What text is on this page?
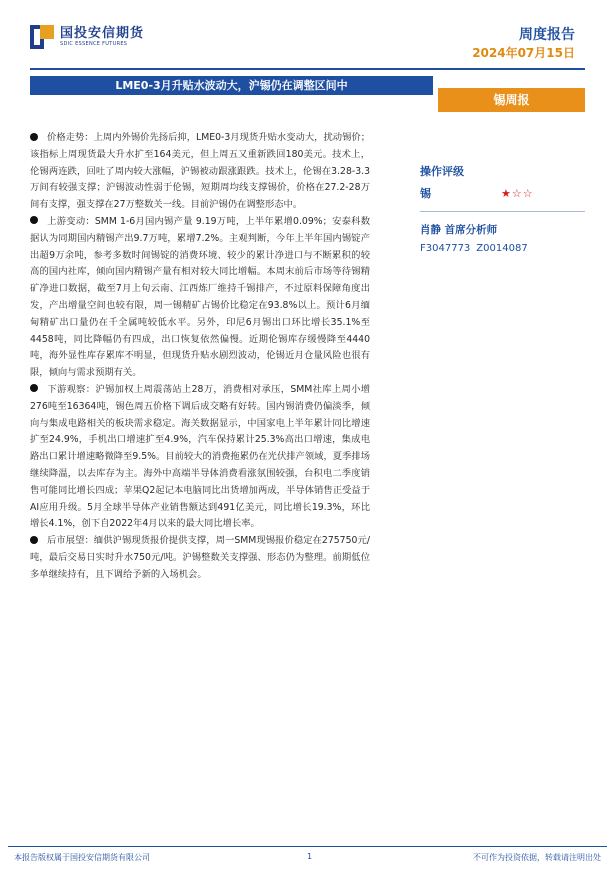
国投安信期货
SDIC ESSENCE FUTURES
周度报告
2024年07月15日
LME0-3月升贴水波动大，沪锡仍在调整区间中
锡周报

价格走势：上周内外锡价先扬后抑，LME0-3月现货升贴水变动大，扰动锡价；该指标上周现货最大升水扩至164美元，但上周五又重新跌回180美元。技术上，伦锡两连跌，回吐了周内较大涨幅，沪锡被动跟涨跟跌。技术上，伦锡在3.28-3.3万间有较强支撑；沪锡波动性弱于伦锡，短期周均线支撑锡价，价格在27.2-28万间有支撑，强支撑在27万整数关一线。目前沪锡仍在调整形态中。

上游变动：SMM 1-6月国内锡产量 9.19万吨，上半年累增0.09%；安泰科数据认为同期国内精锡产出9.7万吨，累增7.2%。主观判断，今年上半年国内锡锭产出超9万余吨，参考多数时间锡锭的消费环境、较少的累计净进口与不断累积的较高的国内社库，倾向国内精锡产量有相对较大同比增幅。本周末前后市场等待锡精矿净进口数据，截至7月上旬云南、江西炼厂维持千锡排产，不过原料保障角度出发，产出增量空间也较有限，周一锡精矿占锡价比稳定在93.8%以上。预计6月缅甸精矿出口量仍在千全属吨较低水平。另外，印尼6月锡出口环比增长35.1%至4458吨，同比降幅仍有四成，出口恢复依然偏慢。近期伦锡库存缓慢降至4440吨，海外显性库存累库不明显，但现货升贴水剧烈波动，伦锡近月仓量风险也很有限，倾向与需求预期有关。

下游观察：沪锡加权上周震荡站上28万，消费相对承压，SMM社库上周小增276吨至16364吨，锡色周五价格下调后成交略有好转。国内锡消费仍偏淡季，倾向与集成电路相关的板块需求稳定。海关数据显示，中国家电上半年累计同比增速扩至24.9%，手机出口增速扩至4.9%，汽车保持累计25.3%高出口增速，集成电路出口累计增速略微降至9.5%。目前较大的消费拖累仍在光伏排产领域，夏季排场继续降温，以去库存为主。海外中高端半导体消费看涨氛围较强，台积电二季度销售可能同比增长四成；苹果Q2起记本电脑同比出货增加两成，半导体销售正受益于AI应用升级。5月全球半导体产业销售额达到491亿美元，同比增长19.3%，环比增长4.1%，创下自2022年4月以来的最大同比增长率。

后市展望：缅供沪锡现货报价提供支撑，周一SMM现锡报价稳定在275750元/吨，最后交易日实时升水750元/吨。沪锡整数关支撑强、形态仍为整理。前期低位多单继续持有，且下调给予新的入场机会。

操作评级
锡	★☆☆
肖静 首席分析师
F3047773 Z0014087
本报告版权属于国投安信期货有限公司	1	不可作为投资依据，转载请注明出处
